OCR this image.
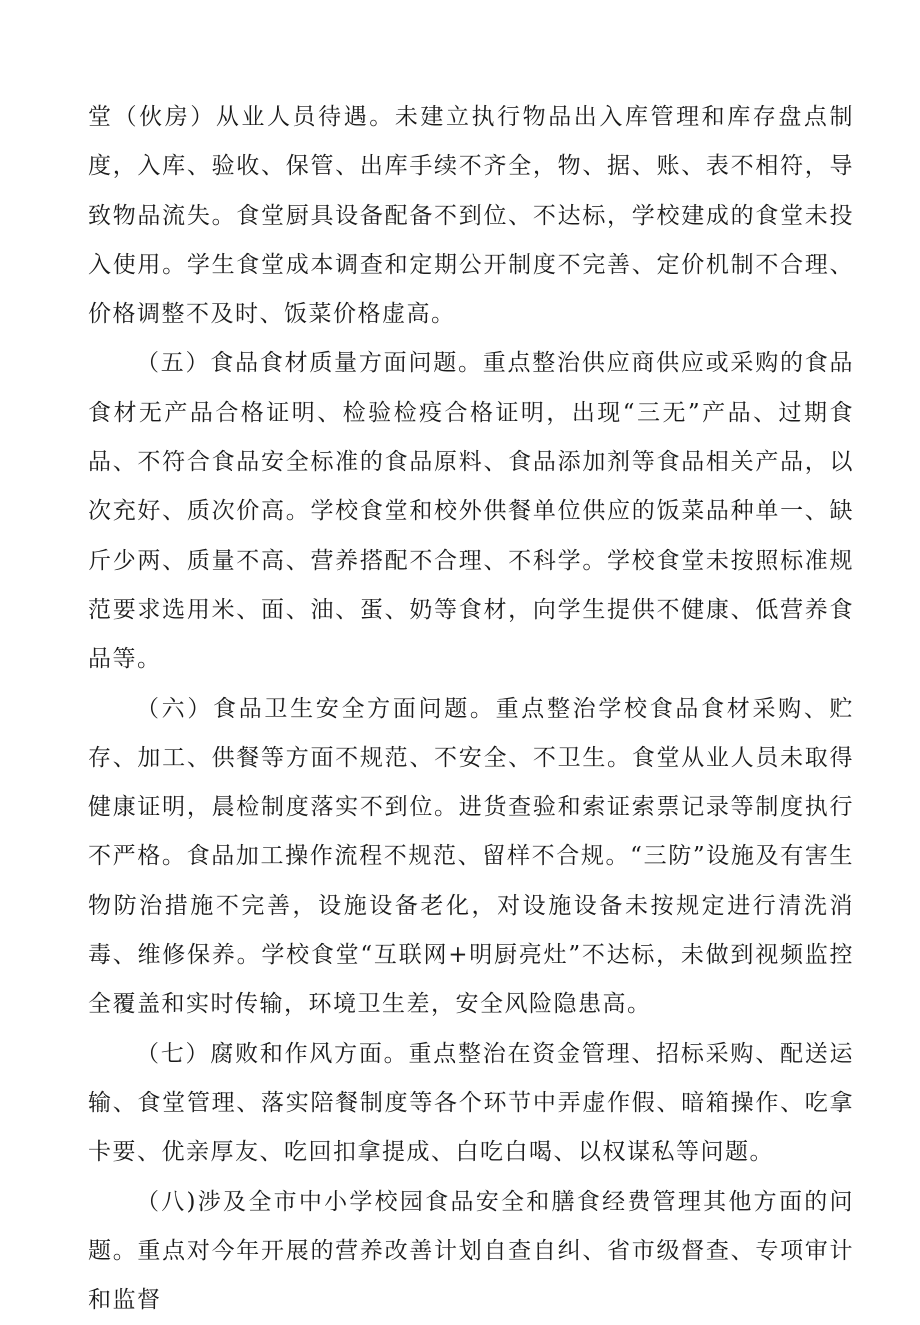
堂（伙房）从业人员待遇。未建立执行物品出入库管理和库存盘点制度，入库、验收、保管、出库手续不齐全，物、据、账、表不相符，导致物品流失。食堂厨具设备配备不到位、不达标，学校建成的食堂未投入使用。学生食堂成本调查和定期公开制度不完善、定价机制不合理、价格调整不及时、饭菜价格虚高。

（五）食品食材质量方面问题。重点整治供应商供应或采购的食品食材无产品合格证明、检验检疫合格证明，出现“三无”产品、过期食品、不符合食品安全标准的食品原料、食品添加剂等食品相关产品，以次充好、质次价高。学校食堂和校外供餐单位供应的饭菜品种单一、缺斤少两、质量不高、营养搭配不合理、不科学。学校食堂未按照标准规范要求选用米、面、油、蛋、奶等食材，向学生提供不健康、低营养食品等。

（六）食品卫生安全方面问题。重点整治学校食品食材采购、贮存、加工、供餐等方面不规范、不安全、不卫生。食堂从业人员未取得健康证明，晨检制度落实不到位。进货查验和索证索票记录等制度执行不严格。食品加工操作流程不规范、留样不合规。“三防”设施及有害生物防治措施不完善，设施设备老化，对设施设备未按规定进行清洗消毒、维修保养。学校食堂“互联网+明厨亮灶”不达标，未做到视频监控全覆盖和实时传输，环境卫生差，安全风险隐患高。

（七）腐败和作风方面。重点整治在资金管理、招标采购、配送运输、食堂管理、落实陪餐制度等各个环节中弄虚作假、暗箱操作、吃拿卡要、优亲厚友、吃回扣拿提成、白吃白喝、以权谋私等问题。

（八)涉及全市中小学校园食品安全和膳食经费管理其他方面的问题。重点对今年开展的营养改善计划自查自纠、省市级督查、专项审计和监督
